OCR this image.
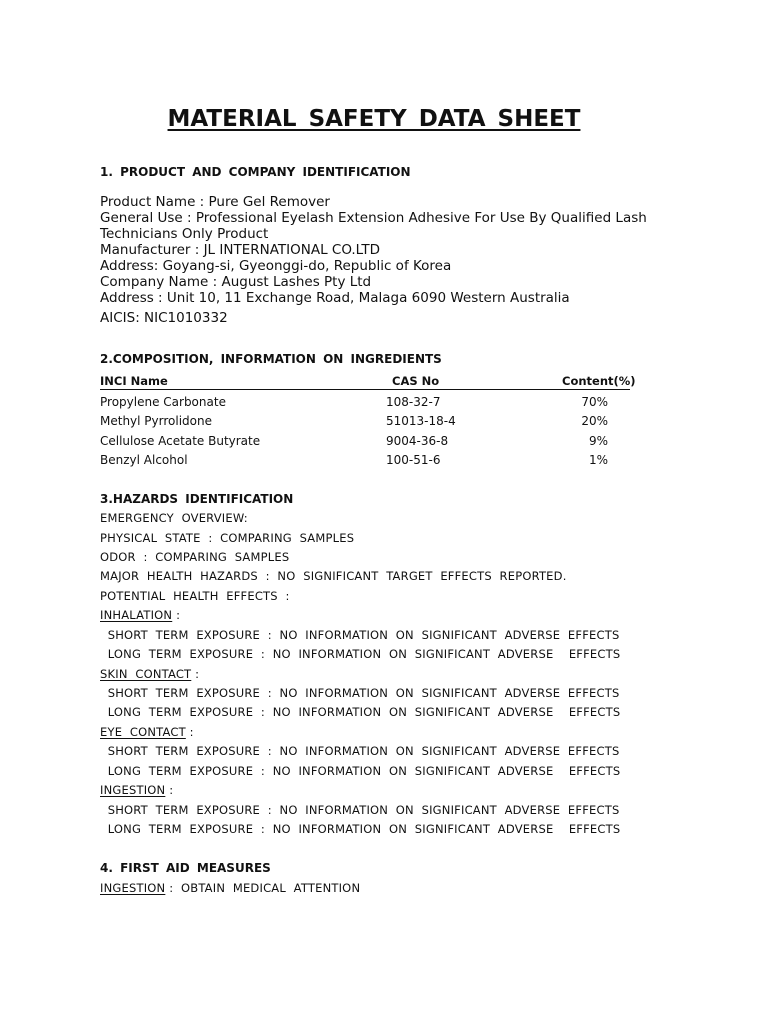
MATERIAL SAFETY DATA SHEET
1. PRODUCT AND COMPANY IDENTIFICATION
Product Name : Pure Gel Remover
General Use : Professional Eyelash Extension Adhesive For Use By Qualified Lash Technicians Only Product
Manufacturer : JL INTERNATIONAL CO.LTD
Address: Goyang-si, Gyeonggi-do, Republic of Korea
Company Name : August Lashes Pty Ltd
Address : Unit 10, 11 Exchange Road, Malaga 6090 Western Australia
AICIS: NIC1010332
2.COMPOSITION, INFORMATION ON INGREDIENTS
INCI Name	CAS No	Content(%)
Propylene Carbonate	108-32-7	70%
Methyl Pyrrolidone	51013-18-4	20%
Cellulose Acetate Butyrate	9004-36-8	9%
Benzyl Alcohol	100-51-6	1%
3.HAZARDS IDENTIFICATION
EMERGENCY  OVERVIEW:
PHYSICAL  STATE  :  COMPARING  SAMPLES
ODOR  :  COMPARING  SAMPLES
MAJOR  HEALTH  HAZARDS  :  NO  SIGNIFICANT  TARGET  EFFECTS  REPORTED.
POTENTIAL  HEALTH  EFFECTS  :
INHALATION :
SHORT  TERM  EXPOSURE  :  NO  INFORMATION  ON  SIGNIFICANT  ADVERSE  EFFECTS
LONG  TERM  EXPOSURE  :  NO  INFORMATION  ON  SIGNIFICANT  ADVERSE    EFFECTS
SKIN  CONTACT :
SHORT  TERM  EXPOSURE  :  NO  INFORMATION  ON  SIGNIFICANT  ADVERSE  EFFECTS
LONG  TERM  EXPOSURE  :  NO  INFORMATION  ON  SIGNIFICANT  ADVERSE    EFFECTS
EYE  CONTACT :
SHORT  TERM  EXPOSURE  :  NO  INFORMATION  ON  SIGNIFICANT  ADVERSE  EFFECTS
LONG  TERM  EXPOSURE  :  NO  INFORMATION  ON  SIGNIFICANT  ADVERSE    EFFECTS
INGESTION :
SHORT  TERM  EXPOSURE  :  NO  INFORMATION  ON  SIGNIFICANT  ADVERSE  EFFECTS
LONG  TERM  EXPOSURE  :  NO  INFORMATION  ON  SIGNIFICANT  ADVERSE    EFFECTS
4. FIRST AID MEASURES
INGESTION :  OBTAIN  MEDICAL  ATTENTION
